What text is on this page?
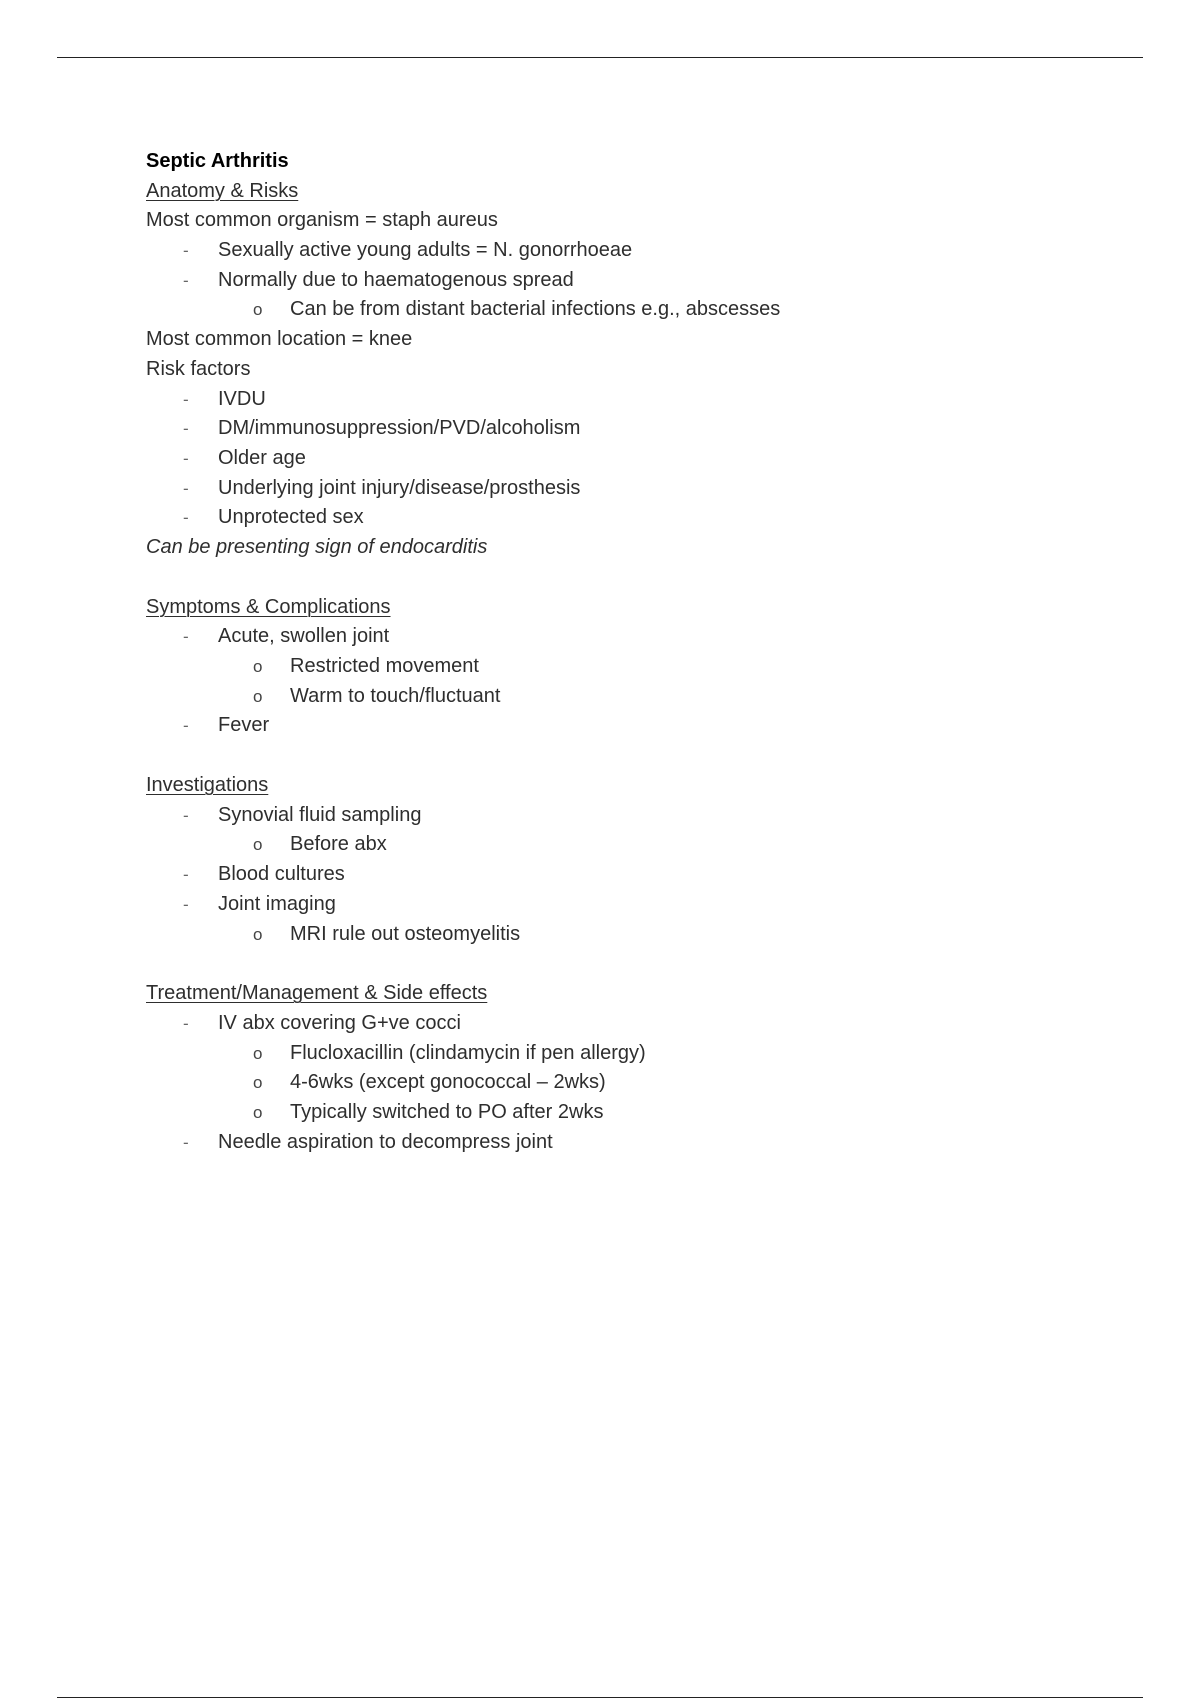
Septic Arthritis
Anatomy & Risks
Most common organism = staph aureus
- Sexually active young adults = N. gonorrhoeae
- Normally due to haematogenous spread
o Can be from distant bacterial infections e.g., abscesses
Most common location = knee
Risk factors
- IVDU
- DM/immunosuppression/PVD/alcoholism
- Older age
- Underlying joint injury/disease/prosthesis
- Unprotected sex
Can be presenting sign of endocarditis
Symptoms & Complications
- Acute, swollen joint
o Restricted movement
o Warm to touch/fluctuant
- Fever
Investigations
- Synovial fluid sampling
o Before abx
- Blood cultures
- Joint imaging
o MRI rule out osteomyelitis
Treatment/Management & Side effects
- IV abx covering G+ve cocci
o Flucloxacillin (clindamycin if pen allergy)
o 4-6wks (except gonococcal – 2wks)
o Typically switched to PO after 2wks
- Needle aspiration to decompress joint
